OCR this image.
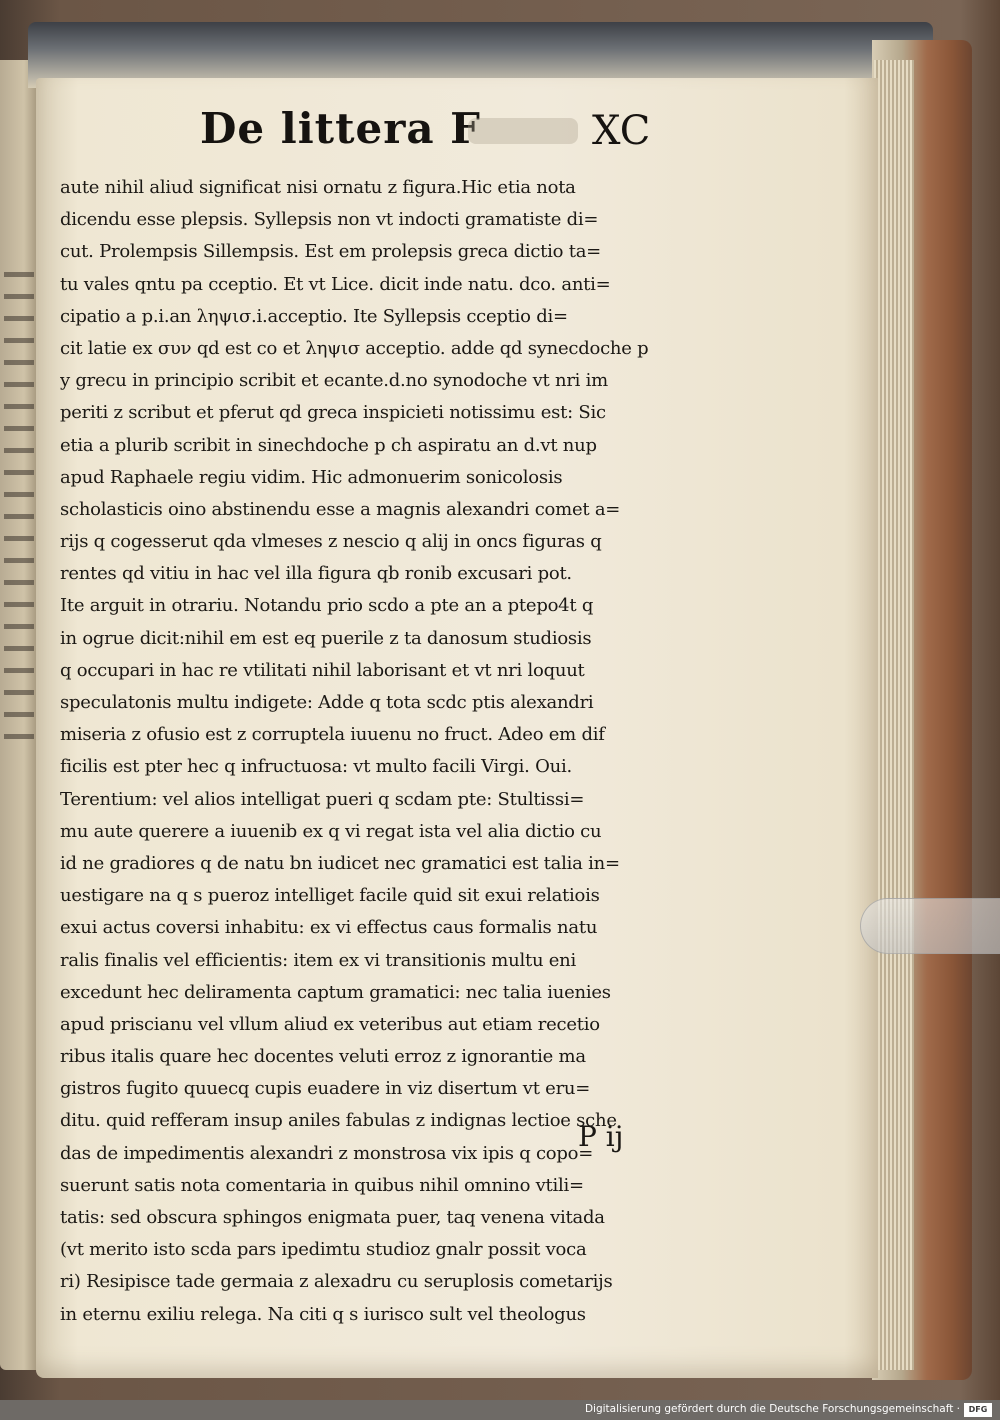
De littera F	XC
aute nihil aliud significat nisi ornatu z figura.Hic etia nota
dicendu esse plepsis. Syllepsis non vt indocti gramatiste di=
cut. Prolempsis Sillempsis. Est em prolepsis greca dictio ta=
tu vales qntu pa cceptio. Et vt Lice. dicit inde natu. dco. anti=
cipatio a p.i.an ληψισ.i.acceptio. Ite Syllepsis cceptio di=
cit latie ex συν qd est co et ληψισ acceptio. adde qd synecdoche p
y grecu in principio scribit et ecante.d.no synodoche vt nri im
periti z scribut et pferut qd greca inspicieti notissimu est: Sic
etia a plurib scribit in sinechdoche p ch aspiratu an d.vt nup
apud Raphaele regiu vidim. Hic admonuerim sonicolosis
scholasticis oino abstinendu esse a magnis alexandri comet a=
rijs q cogesserut qda vlmeses z nescio q alij in oncs figuras q
rentes qd vitiu in hac vel illa figura qb ronib excusari pot.
Ite arguit in otrariu. Notandu prio scdo a pte an a ptepo4t q
in ogrue dicit:nihil em est eq puerile z ta danosum studiosis
q occupari in hac re vtilitati nihil laborisant et vt nri loquut
speculatonis multu indigete: Adde q tota scdc ptis alexandri
miseria z ofusio est z corruptela iuuenu no fruct. Adeo em dif
ficilis est pter hec q infructuosa: vt multo facili Virgi. Oui.
Terentium: vel alios intelligat pueri q scdam pte: Stultissi=
mu aute querere a iuuenib ex q vi regat ista vel alia dictio cu
id ne gradiores q de natu bn iudicet nec gramatici est talia in=
uestigare na q s pueroz intelliget facile quid sit exui relatiois
exui actus coversi inhabitu: ex vi effectus caus formalis natu
ralis finalis vel efficientis: item ex vi transitionis multu eni
excedunt hec deliramenta captum gramatici: nec talia iuenies
apud priscianu vel vllum aliud ex veteribus aut etiam recetio
ribus italis quare hec docentes veluti erroz z ignorantie ma
gistros fugito quuecq cupis euadere in viz disertum vt eru=
ditu. quid refferam insup aniles fabulas z indignas lectioe sche
das de impedimentis alexandri z monstrosa vix ipis q copo=
suerunt satis nota comentaria in quibus nihil omnino vtili=
tatis: sed obscura sphingos enigmata puer, taq venena vitada
(vt merito isto scda pars ipedimtu studioz gnalr possit voca
ri) Resipisce tade germaia z alexadru cu seruplosis cometarijs
in eternu exiliu relega. Na citi q s iurisco sult vel theologus
P ij
Digitalisierung gefördert durch die Deutsche Forschungsgemeinschaft ·	DFG
